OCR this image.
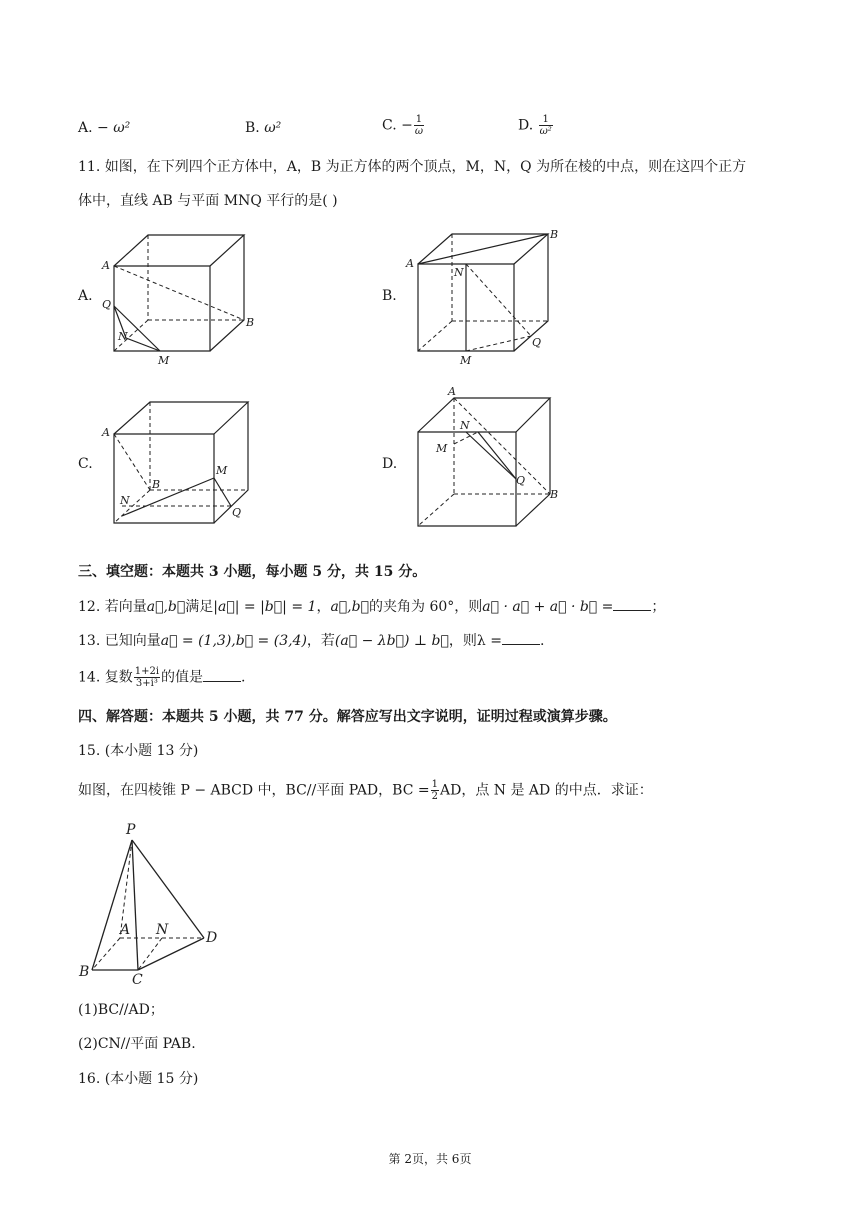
A. − ω²	B. ω²	C. − $\frac{1}{\omega}$	D. $\frac{1}{\text{ω²}}$
11. 如图，在下列四个正方体中，A，B 为正方体的两个顶点，M，N，Q 为所在棱的中点，则在这四个正方
体中，直线 AB 与平面 MNQ 平行的是( )
A.
A
B
Q
N
M
B.
A
B
N
M
Q
C.
A
B
M
N
Q
D.
A
N
M
Q
B
三、填空题：本题共 3 小题，每小题 5 分，共 15 分。
12. 若向量a⃗,b⃗满足|a⃗| = |b⃗| = 1，a⃗,b⃗的夹角为 60°，则a⃗ · a⃗ + a⃗ · b⃗ =	；
13. 已知向量a⃗ = (1,3),b⃗ = (3,4)，若(a⃗ − λb⃗) ⊥ b⃗，则λ =	.
14. 复数 $\frac{1+2i}{\text{3+i³}}$ 的值是	.
四、解答题：本题共 5 小题，共 77 分。解答应写出文字说明，证明过程或演算步骤。
15. (本小题 13 分)
如图，在四棱锥 P − ABCD 中，BC//平面 PAD，BC = $\frac{1}{2}$ AD，点 N 是 AD 的中点．求证：
P
A N	D
B	C
(1)BC//AD；
(2)CN//平面 PAB.
16. (本小题 15 分)
第 2页，共 6页
